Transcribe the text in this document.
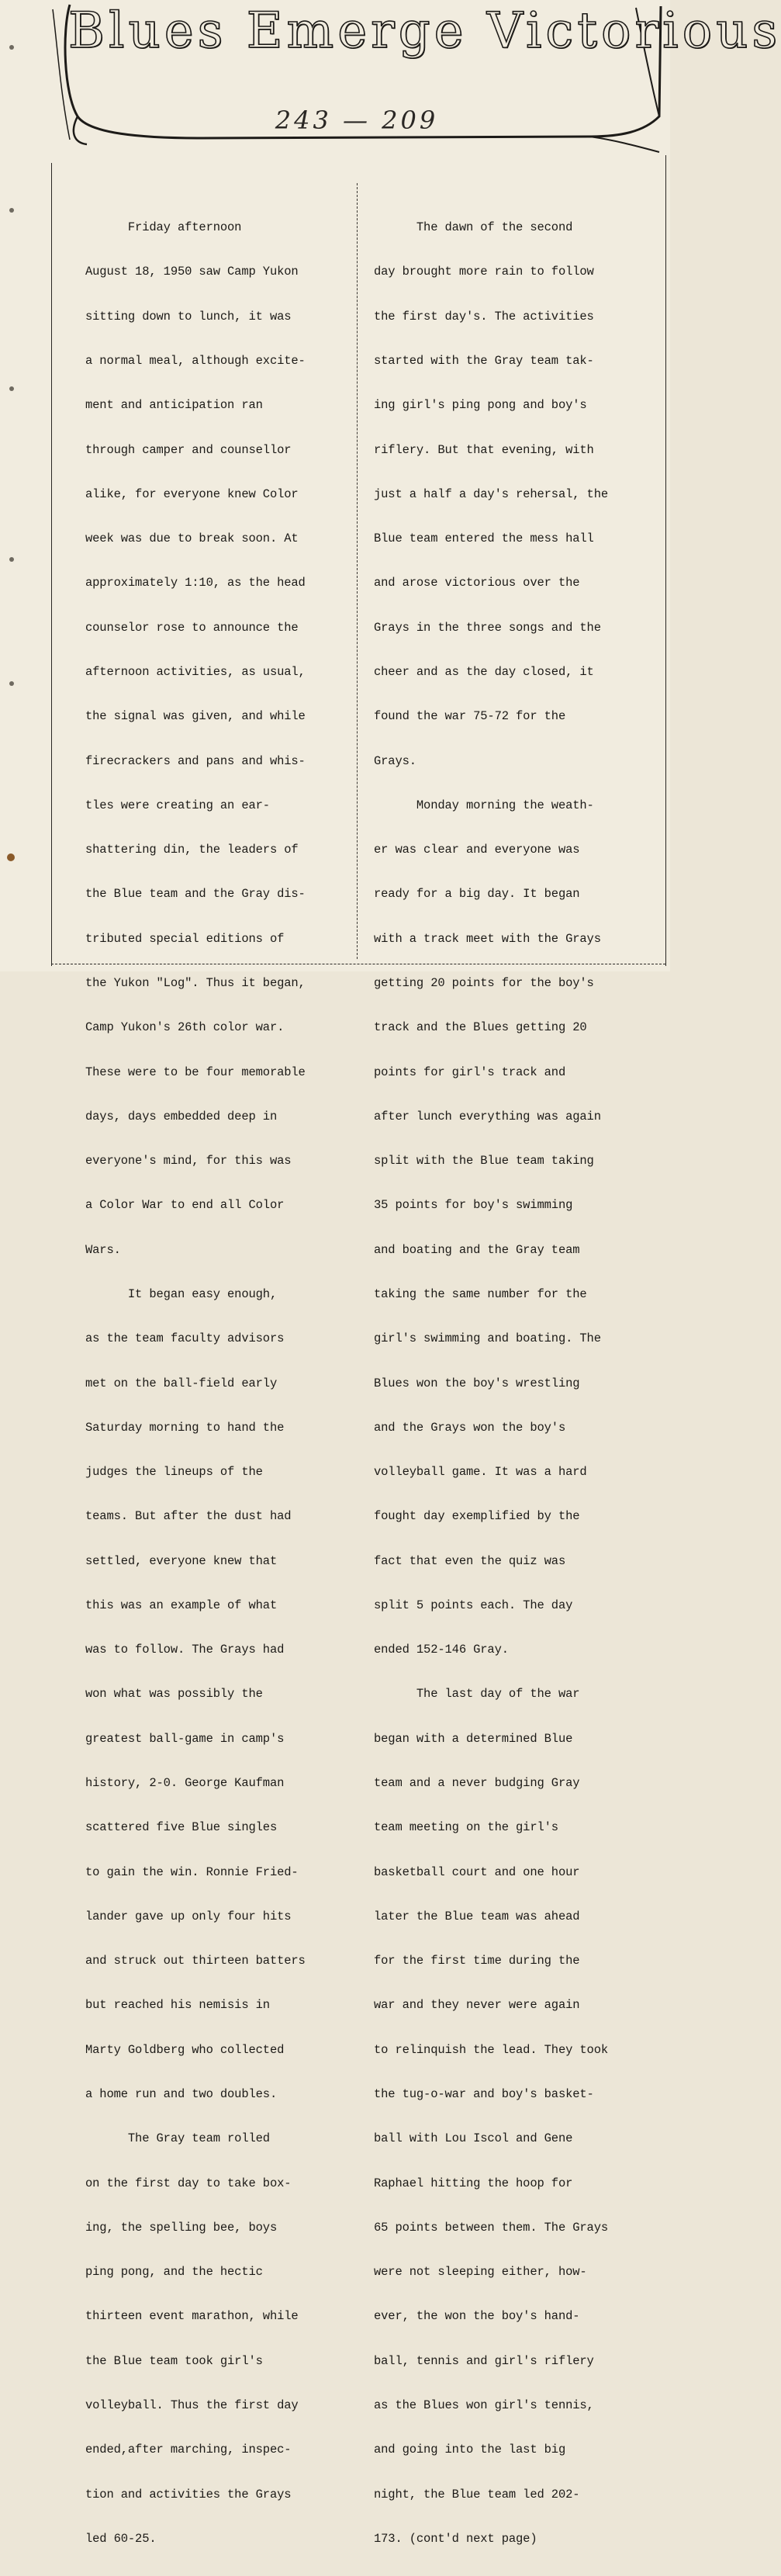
Blues Emerge Victorious
243 — 209

Friday afternoon

August 18, 1950 saw Camp Yukon

sitting down to lunch, it was

a normal meal, although excite-

ment and anticipation ran

through camper and counsellor

alike, for everyone knew Color

week was due to break soon. At

approximately 1:10, as the head

counselor rose to announce the

afternoon activities, as usual,

the signal was given, and while

firecrackers and pans and whis-

tles were creating an ear-

shattering din, the leaders of

the Blue team and the Gray dis-

tributed special editions of

the Yukon "Log". Thus it began,

Camp Yukon's 26th color war.

These were to be four memorable

days, days embedded deep in

everyone's mind, for this was

a Color War to end all Color

Wars.

It began easy enough,

as the team faculty advisors

met on the ball-field early

Saturday morning to hand the

judges the lineups of the

teams. But after the dust had

settled, everyone knew that

this was an example of what

was to follow. The Grays had

won what was possibly the

greatest ball-game in camp's

history, 2-0. George Kaufman

scattered five Blue singles

to gain the win. Ronnie Fried-

lander gave up only four hits

and struck out thirteen batters

but reached his nemisis in

Marty Goldberg who collected

a home run and two doubles.

The Gray team rolled

on the first day to take box-

ing, the spelling bee, boys

ping pong, and the hectic

thirteen event marathon, while

the Blue team took girl's

volleyball. Thus the first day

ended,after marching, inspec-

tion and activities the Grays

led 60-25.

The dawn of the second

day brought more rain to follow

the first day's. The activities

started with the Gray team tak-

ing girl's ping pong and boy's

riflery. But that evening, with

just a half a day's rehersal, the

Blue team entered the mess hall

and arose victorious over the

Grays in the three songs and the

cheer and as the day closed, it

found the war 75-72 for the

Grays.

Monday morning the weath-

er was clear and everyone was

ready for a big day. It began

with a track meet with the Grays

getting 20 points for the boy's

track and the Blues getting 20

points for girl's track and

after lunch everything was again

split with the Blue team taking

35 points for boy's swimming

and boating and the Gray team

taking the same number for the

girl's swimming and boating. The

Blues won the boy's wrestling

and the Grays won the boy's

volleyball game. It was a hard

fought day exemplified by the

fact that even the quiz was

split 5 points each. The day

ended 152-146 Gray.

The last day of the war

began with a determined Blue

team and a never budging Gray

team meeting on the girl's

basketball court and one hour

later the Blue team was ahead

for the first time during the

war and they never were again

to relinquish the lead. They took

the tug-o-war and boy's basket-

ball with Lou Iscol and Gene

Raphael hitting the hoop for

65 points between them. The Grays

were not sleeping either, how-

ever, the won the boy's hand-

ball, tennis and girl's riflery

as the Blues won girl's tennis,

and going into the last big

night, the Blue team led 202-

173. (cont'd next page)
